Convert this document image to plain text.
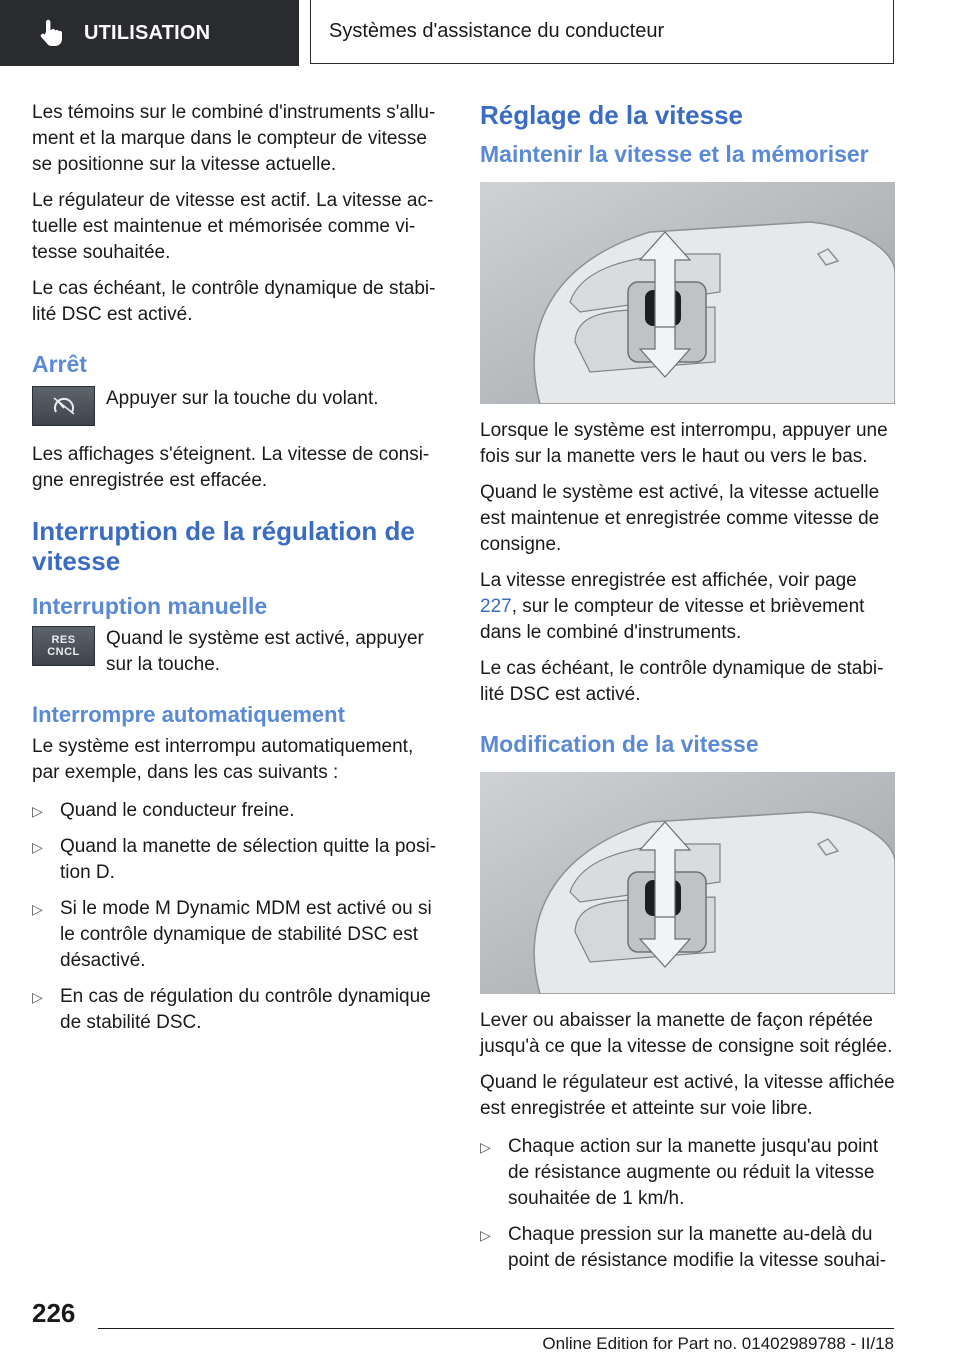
UTILISATION	Systèmes d'assistance du conducteur

Les témoins sur le combiné d'instruments s'allument et la marque dans le compteur de vitesse se positionne sur la vitesse actuelle.

Le régulateur de vitesse est actif. La vitesse actuelle est maintenue et mémorisée comme vitesse souhaitée.

Le cas échéant, le contrôle dynamique de stabilité DSC est activé.

Arrêt

Appuyer sur la touche du volant.

Les affichages s'éteignent. La vitesse de consigne enregistrée est effacée.

Interruption de la régulation de vitesse
Interruption manuelle
RES
CNCL

Quand le système est activé, appuyer sur la touche.

Interrompre automatiquement

Le système est interrompu automatiquement, par exemple, dans les cas suivants :

▷ Quand le conducteur freine.
▷ Quand la manette de sélection quitte la position D.
▷ Si le mode M Dynamic MDM est activé ou si le contrôle dynamique de stabilité DSC est désactivé.
▷ En cas de régulation du contrôle dynamique de stabilité DSC.
Réglage de la vitesse
Maintenir la vitesse et la mémoriser

Lorsque le système est interrompu, appuyer une fois sur la manette vers le haut ou vers le bas.

Quand le système est activé, la vitesse actuelle est maintenue et enregistrée comme vitesse de consigne.

La vitesse enregistrée est affichée, voir page 227, sur le compteur de vitesse et brièvement dans le combiné d'instruments.

Le cas échéant, le contrôle dynamique de stabilité DSC est activé.

Modification de la vitesse

Lever ou abaisser la manette de façon répétée jusqu'à ce que la vitesse de consigne soit réglée.

Quand le régulateur est activé, la vitesse affichée est enregistrée et atteinte sur voie libre.

▷ Chaque action sur la manette jusqu'au point de résistance augmente ou réduit la vitesse souhaitée de 1 km/h.
▷ Chaque pression sur la manette au-delà du point de résistance modifie la vitesse souhai-
226
Online Edition for Part no. 01402989788 - II/18
